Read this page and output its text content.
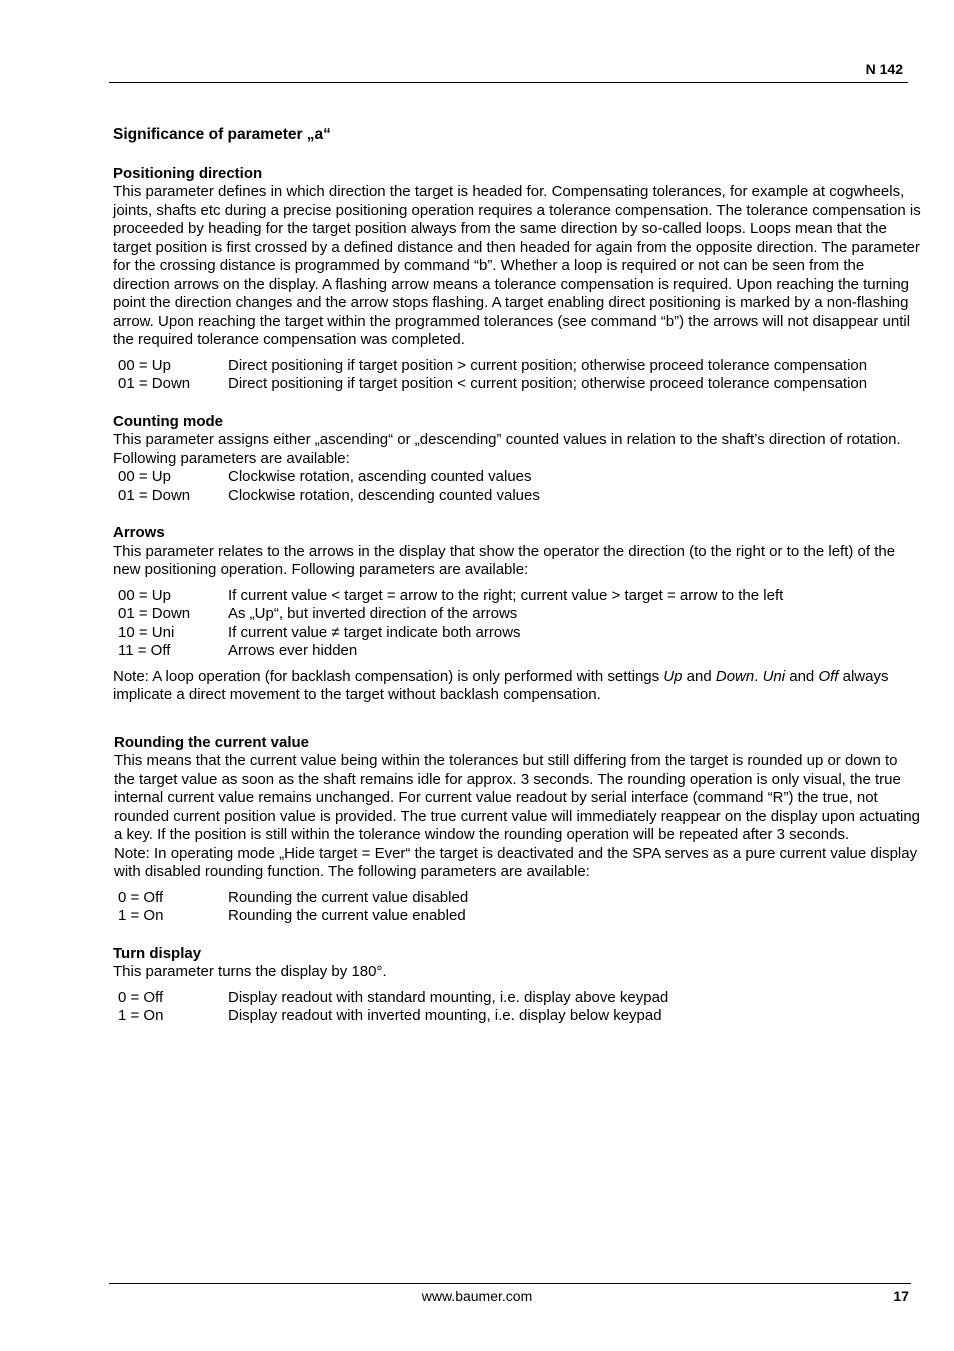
N 142
Significance of parameter „a“
Positioning direction

This parameter defines in which direction the target is headed for. Compensating tolerances, for example at cogwheels, joints, shafts etc during a precise positioning operation requires a tolerance compensation. The tolerance compensation is proceeded by heading for the target position always from the same direction by so-called loops. Loops mean that the target position is first crossed by a defined distance and then headed for again from the opposite direction. The parameter for the crossing distance is programmed by command “b”. Whether a loop is required or not can be seen from the direction arrows on the display. A flashing arrow means a tolerance compensation is required. Upon reaching the turning point the direction changes and the arrow stops flashing. A target enabling direct positioning is marked by a non-flashing arrow. Upon reaching the target within the programmed tolerances (see command “b”) the arrows will not disappear until the required tolerance compensation was completed.

00 = Up	Direct positioning if target position > current position; otherwise proceed tolerance compensation
01 = Down	Direct positioning if target position < current position; otherwise proceed tolerance compensation
Counting mode

This parameter assigns either „ascending“ or „descending” counted values in relation to the shaft’s direction of rotation. Following parameters are available:

00 = Up	Clockwise rotation, ascending counted values
01 = Down	Clockwise rotation, descending counted values
Arrows

This parameter relates to the arrows in the display that show the operator the direction (to the right or to the left) of the new positioning operation. Following parameters are available:

00 = Up	If current value < target = arrow to the right; current value > target = arrow to the left
01 = Down	As „Up“, but inverted direction of the arrows
10 = Uni	If current value ≠ target indicate both arrows
11 = Off	Arrows ever hidden

Note: A loop operation (for backlash compensation) is only performed with settings Up and Down. Uni and Off always implicate a direct movement to the target without backlash compensation.

Rounding the current value

This means that the current value being within the tolerances but still differing from the target is rounded up or down to the target value as soon as the shaft remains idle for approx. 3 seconds. The rounding operation is only visual, the true internal current value remains unchanged. For current value readout by serial interface (command “R”) the true, not rounded current position value is provided. The true current value will immediately reappear on the display upon actuating a key. If the position is still within the tolerance window the rounding operation will be repeated after 3 seconds.

Note: In operating mode „Hide target = Ever“ the target is deactivated and the SPA serves as a pure current value display with disabled rounding function. The following parameters are available:

0 = Off	Rounding the current value disabled
1 = On	Rounding the current value enabled
Turn display

This parameter turns the display by 180°.

0 = Off	Display readout with standard mounting, i.e. display above keypad
1 = On	Display readout with inverted mounting, i.e. display below keypad
www.baumer.com	17
